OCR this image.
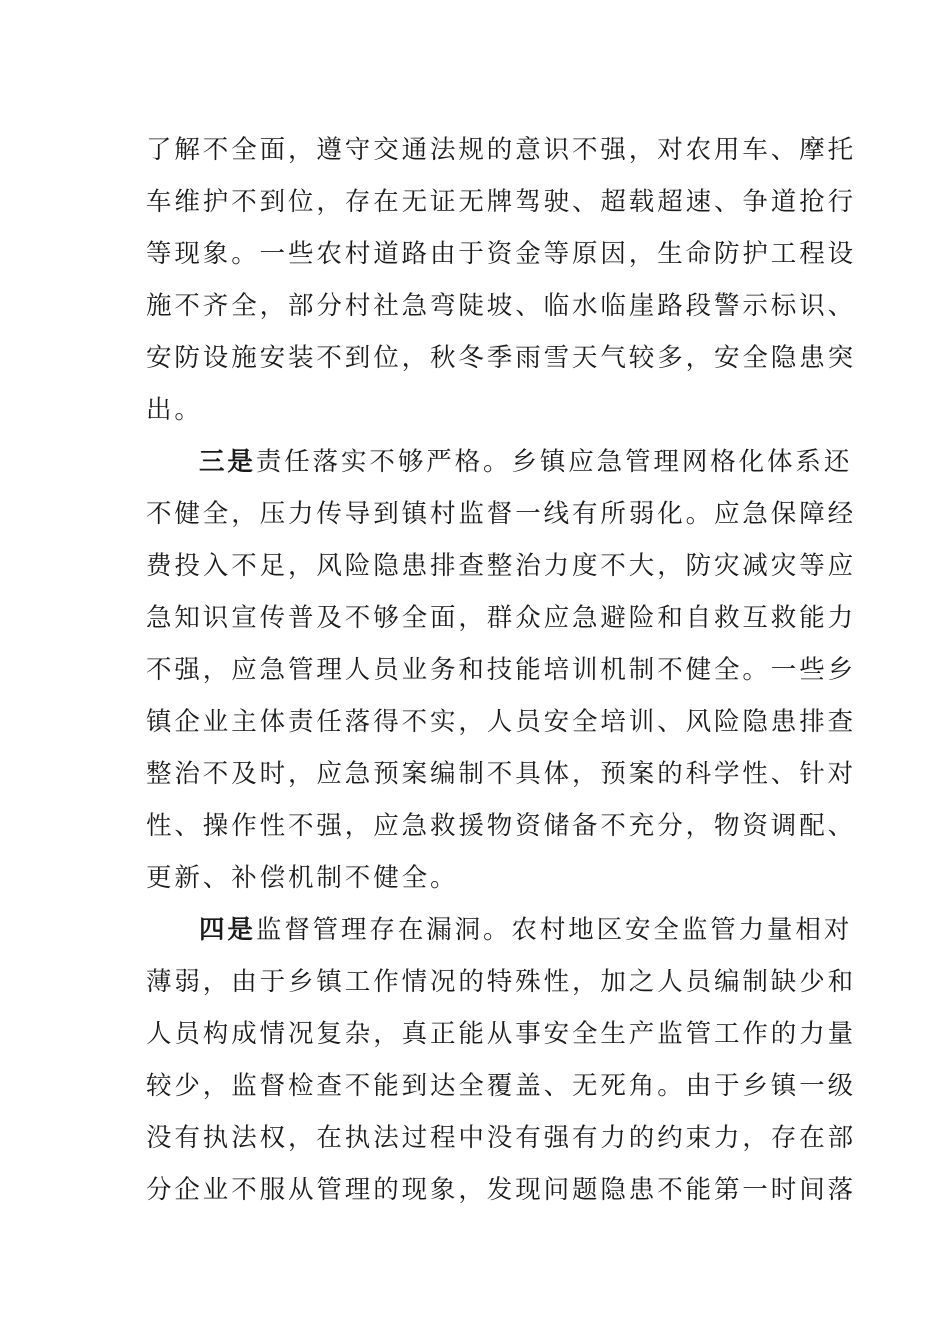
了解不全面，遵守交通法规的意识不强，对农用车、摩托
车维护不到位，存在无证无牌驾驶、超载超速、争道抢行
等现象。一些农村道路由于资金等原因，生命防护工程设
施不齐全，部分村社急弯陡坡、临水临崖路段警示标识、
安防设施安装不到位，秋冬季雨雪天气较多，安全隐患突
出。
三是责任落实不够严格。乡镇应急管理网格化体系还
不健全，压力传导到镇村监督一线有所弱化。应急保障经
费投入不足，风险隐患排查整治力度不大，防灾减灾等应
急知识宣传普及不够全面，群众应急避险和自救互救能力
不强，应急管理人员业务和技能培训机制不健全。一些乡
镇企业主体责任落得不实，人员安全培训、风险隐患排查
整治不及时，应急预案编制不具体，预案的科学性、针对
性、操作性不强，应急救援物资储备不充分，物资调配、
更新、补偿机制不健全。
四是监督管理存在漏洞。农村地区安全监管力量相对
薄弱，由于乡镇工作情况的特殊性，加之人员编制缺少和
人员构成情况复杂，真正能从事安全生产监管工作的力量
较少，监督检查不能到达全覆盖、无死角。由于乡镇一级
没有执法权，在执法过程中没有强有力的约束力，存在部
分企业不服从管理的现象，发现问题隐患不能第一时间落
